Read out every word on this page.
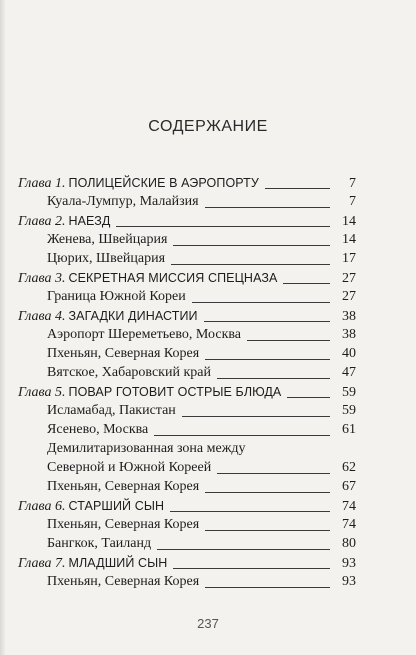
СОДЕРЖАНИЕ
Глава 1. ПОЛИЦЕЙСКИЕ В АЭРОПОРТУ	7
Куала-Лумпур, Малайзия	7
Глава 2. НАЕЗД	14
Женева, Швейцария	14
Цюрих, Швейцария	17
Глава 3. СЕКРЕТНАЯ МИССИЯ СПЕЦНАЗА	27
Граница Южной Кореи	27
Глава 4. ЗАГАДКИ ДИНАСТИИ	38
Аэропорт Шереметьево, Москва	38
Пхеньян, Северная Корея	40
Вятское, Хабаровский край	47
Глава 5. ПОВАР ГОТОВИТ ОСТРЫЕ БЛЮДА	59
Исламабад, Пакистан	59
Ясенево, Москва	61
Демилитаризованная зона между
Северной и Южной Кореей	62
Пхеньян, Северная Корея	67
Глава 6. СТАРШИЙ СЫН	74
Пхеньян, Северная Корея	74
Бангкок, Таиланд	80
Глава 7. МЛАДШИЙ СЫН	93
Пхеньян, Северная Корея	93
237
